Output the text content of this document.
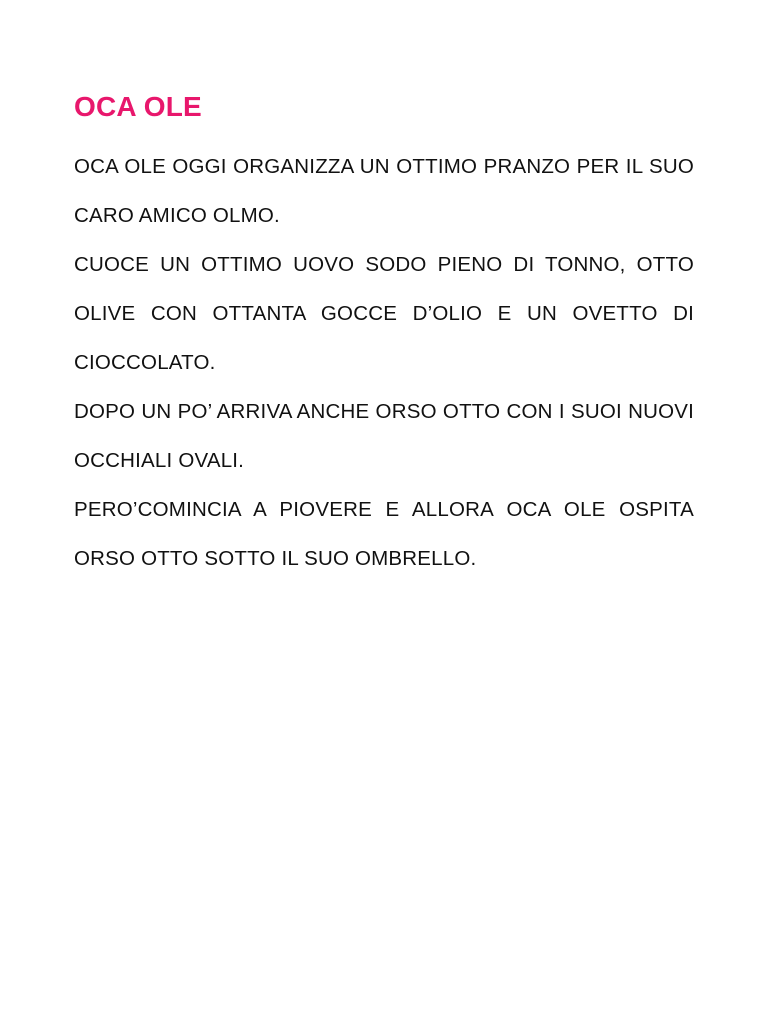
OCA OLE

OCA OLE OGGI ORGANIZZA UN OTTIMO PRANZO PER IL SUO CARO AMICO OLMO.

CUOCE UN OTTIMO UOVO SODO PIENO DI TONNO, OTTO OLIVE CON OTTANTA GOCCE D’OLIO E UN OVETTO DI CIOCCOLATO.

DOPO UN PO’ ARRIVA ANCHE ORSO OTTO CON I SUOI NUOVI OCCHIALI OVALI.

PERO’COMINCIA A PIOVERE E ALLORA OCA OLE OSPITA ORSO OTTO SOTTO IL SUO OMBRELLO.
